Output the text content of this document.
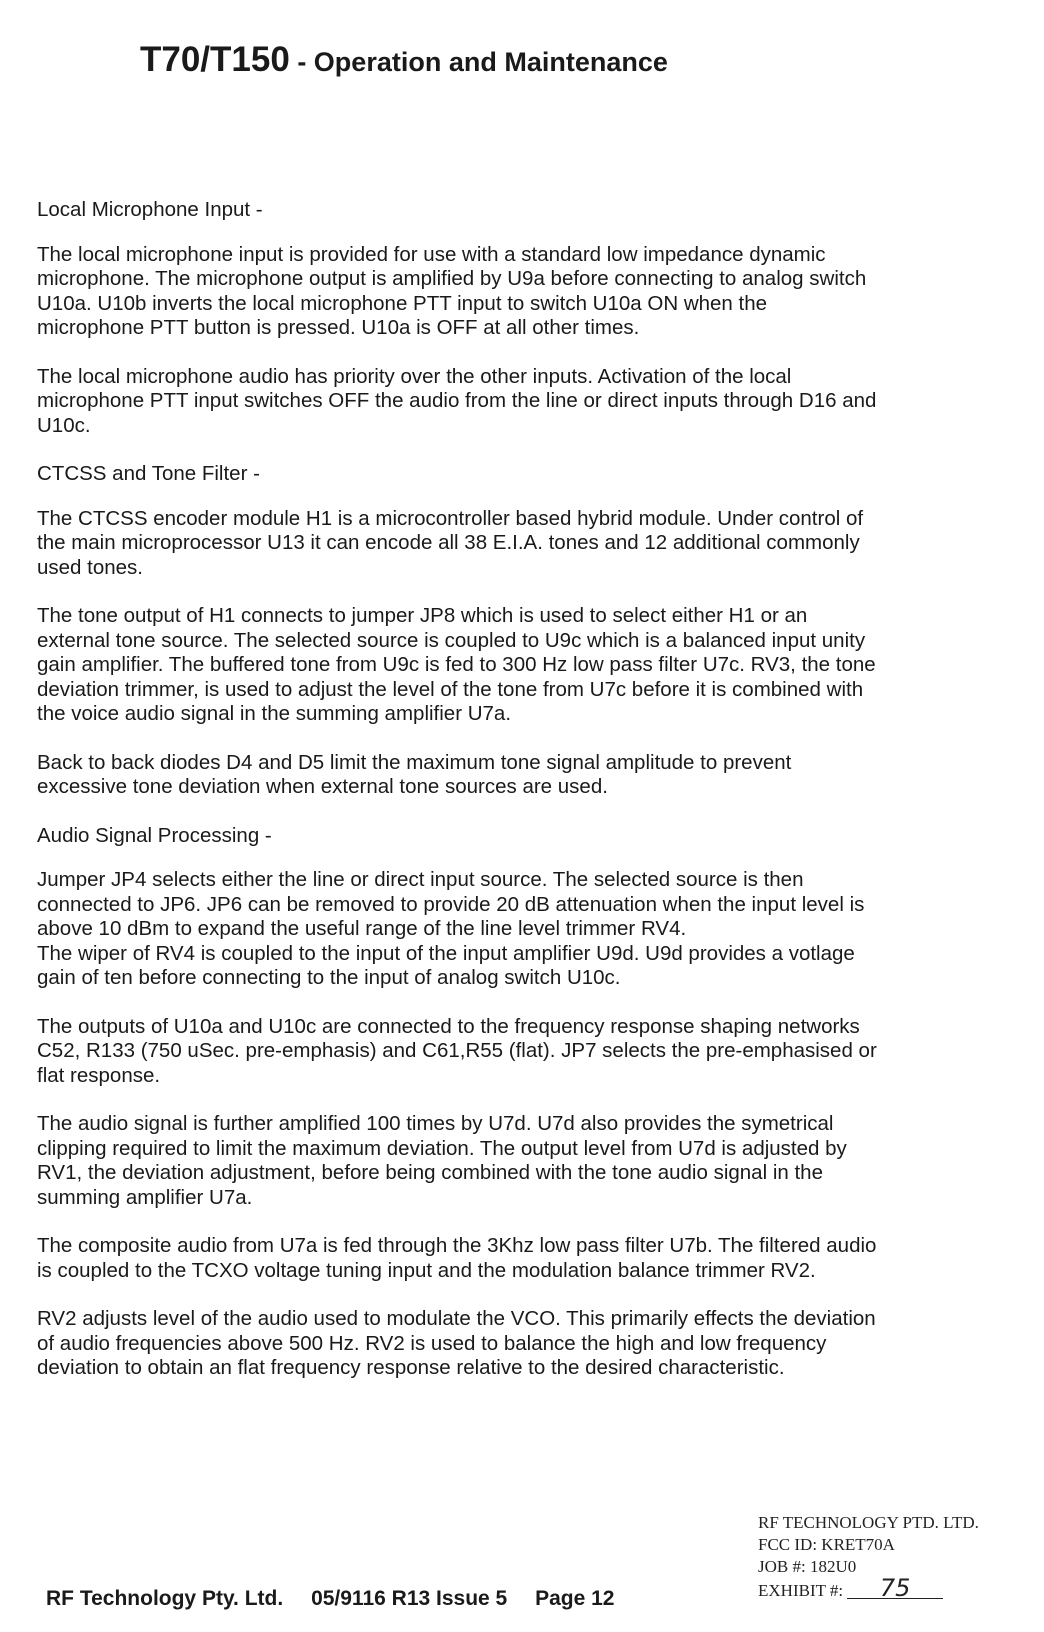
T70/T150 - Operation and Maintenance
Local Microphone Input -

The local microphone input is provided for use with a standard low impedance dynamic microphone. The microphone output is amplified by U9a before connecting to analog switch U10a. U10b inverts the local microphone PTT input to switch U10a ON when the microphone PTT button is pressed. U10a is OFF at all other times.

The local microphone audio has priority over the other inputs. Activation of the local microphone PTT input switches OFF the audio from the line or direct inputs through D16 and U10c.

CTCSS and Tone Filter -

The CTCSS encoder module H1 is a microcontroller based hybrid module. Under control of the main microprocessor U13 it can encode all 38 E.I.A. tones and 12 additional commonly used tones.

The tone output of H1 connects to jumper JP8 which is used to select either H1 or an external tone source. The selected source is coupled to U9c which is a balanced input unity gain amplifier. The buffered tone from U9c is fed to 300 Hz low pass filter U7c. RV3, the tone deviation trimmer, is used to adjust the level of the tone from U7c before it is combined with the voice audio signal in the summing amplifier U7a.

Back to back diodes D4 and D5 limit the maximum tone signal amplitude to prevent excessive tone deviation when external tone sources are used.

Audio Signal Processing -

Jumper JP4 selects either the line or direct input source. The selected source is then connected to JP6. JP6 can be removed to provide 20 dB attenuation when the input level is above 10 dBm to expand the useful range of the line level trimmer RV4.

The wiper of RV4 is coupled to the input of the input amplifier U9d. U9d provides a votlage gain of ten before connecting to the input of analog switch U10c.

The outputs of U10a and U10c are connected to the frequency response shaping networks C52, R133 (750 uSec. pre-emphasis) and C61,R55 (flat). JP7 selects the pre-emphasised or flat response.

The audio signal is further amplified 100 times by U7d. U7d also provides the symetrical clipping required to limit the maximum deviation. The output level from U7d is adjusted by RV1, the deviation adjustment, before being combined with the tone audio signal in the summing amplifier U7a.

The composite audio from U7a is fed through the 3Khz low pass filter U7b. The filtered audio is coupled to the TCXO voltage tuning input and the modulation balance trimmer RV2.

RV2 adjusts level of the audio used to modulate the VCO. This primarily effects the deviation of audio frequencies above 500 Hz. RV2 is used to balance the high and low frequency deviation to obtain an flat frequency response relative to the desired characteristic.

RF TECHNOLOGY PTD. LTD.
FCC ID: KRET70A
JOB #: 182U0
EXHIBIT #: 75
RF Technology Pty. Ltd. 05/9116 R13 Issue 5 Page 12
